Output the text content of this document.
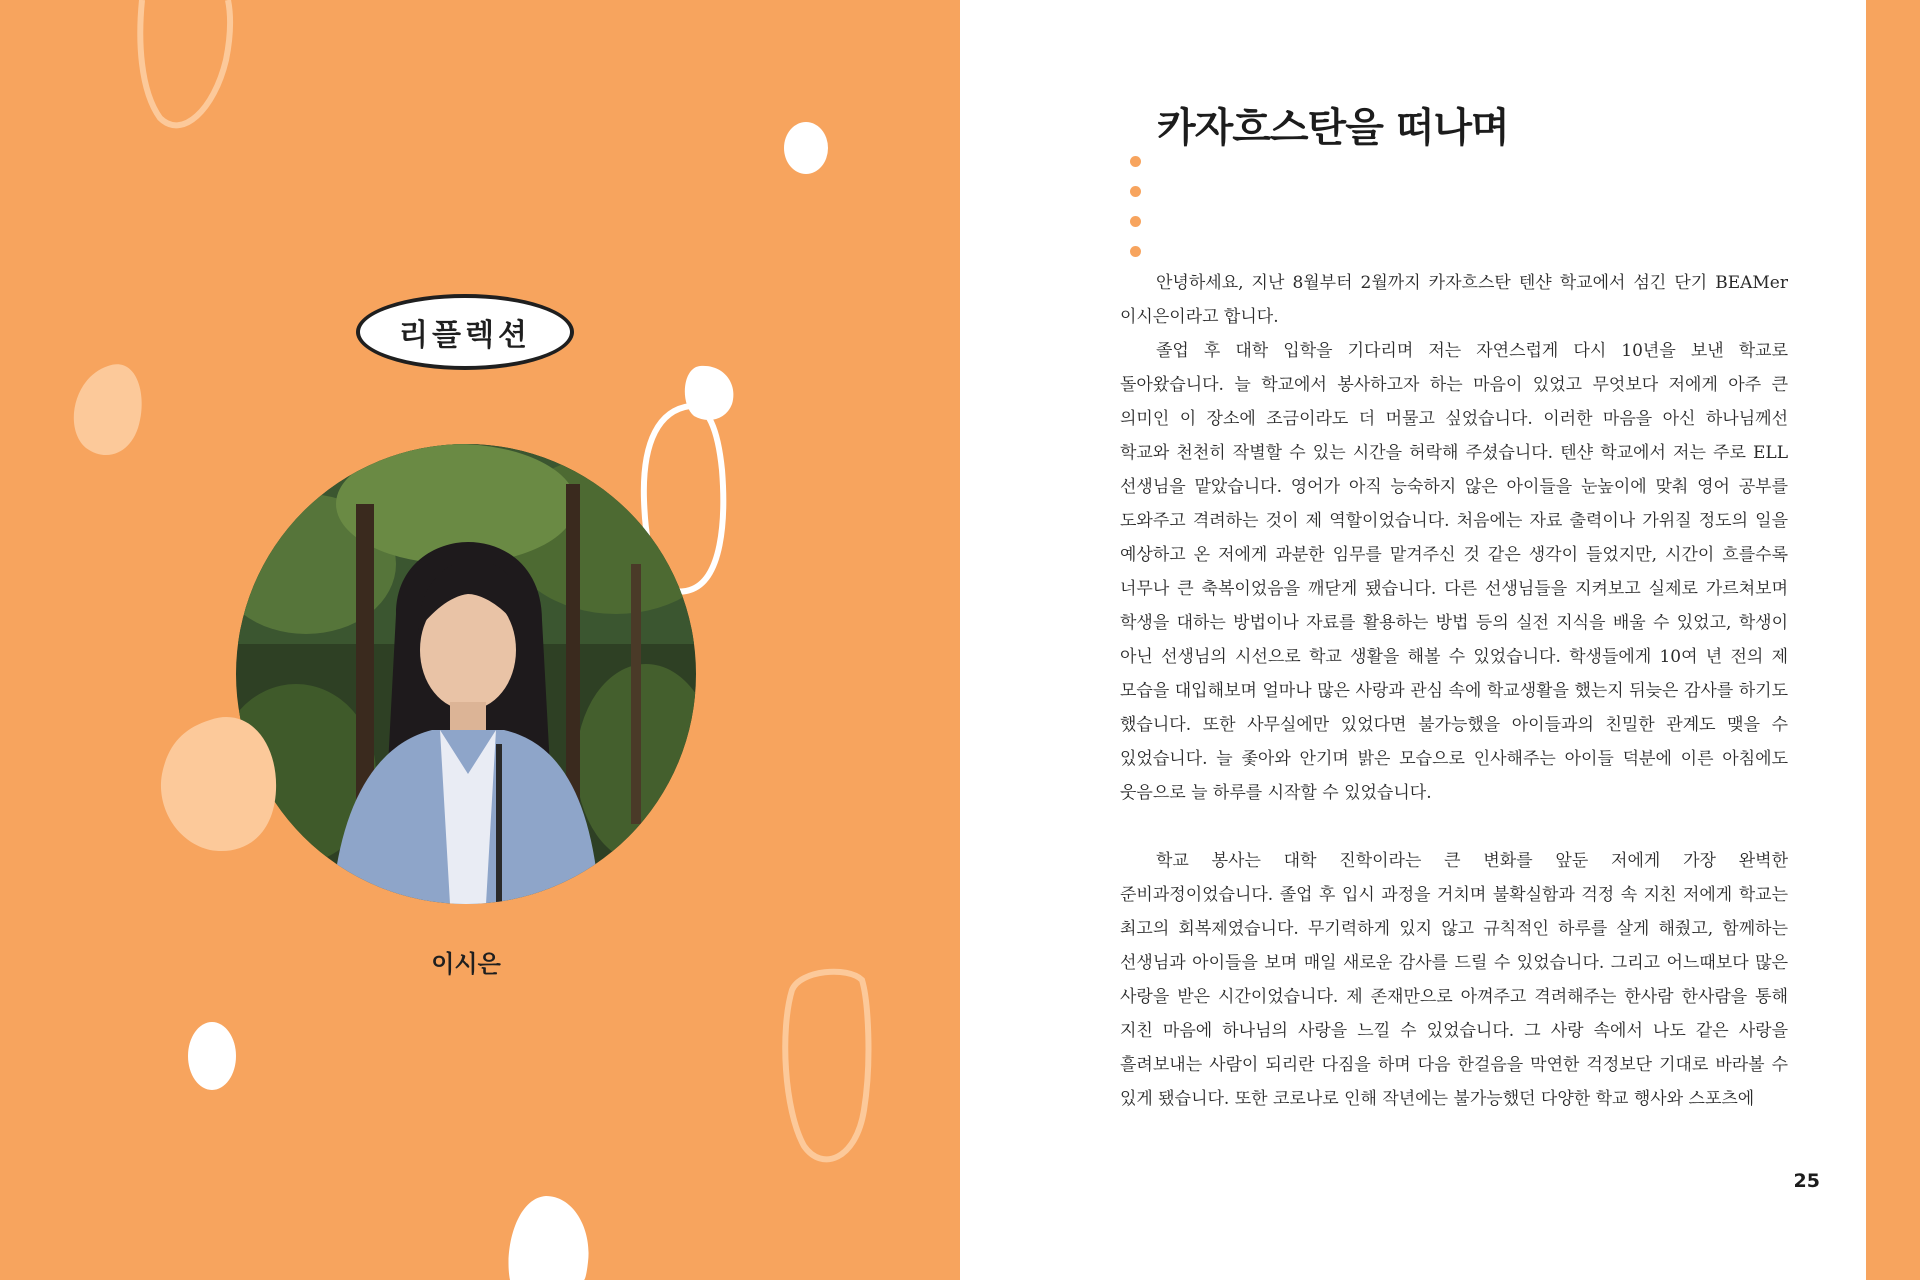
리플렉션
이시은
카자흐스탄을 떠나며

안녕하세요, 지난 8월부터 2월까지 카자흐스탄 텐샨 학교에서 섬긴 단기 BEAMer 이시은이라고 합니다.

졸업 후 대학 입학을 기다리며 저는 자연스럽게 다시 10년을 보낸 학교로 돌아왔습니다. 늘 학교에서 봉사하고자 하는 마음이 있었고 무엇보다 저에게 아주 큰 의미인 이 장소에 조금이라도 더 머물고 싶었습니다. 이러한 마음을 아신 하나님께선 학교와 천천히 작별할 수 있는 시간을 허락해 주셨습니다. 텐샨 학교에서 저는 주로 ELL 선생님을 맡았습니다. 영어가 아직 능숙하지 않은 아이들을 눈높이에 맞춰 영어 공부를 도와주고 격려하는 것이 제 역할이었습니다. 처음에는 자료 출력이나 가위질 정도의 일을 예상하고 온 저에게 과분한 임무를 맡겨주신 것 같은 생각이 들었지만, 시간이 흐를수록 너무나 큰 축복이었음을 깨닫게 됐습니다. 다른 선생님들을 지켜보고 실제로 가르쳐보며 학생을 대하는 방법이나 자료를 활용하는 방법 등의 실전 지식을 배울 수 있었고, 학생이 아닌 선생님의 시선으로 학교 생활을 해볼 수 있었습니다. 학생들에게 10여 년 전의 제 모습을 대입해보며 얼마나 많은 사랑과 관심 속에 학교생활을 했는지 뒤늦은 감사를 하기도 했습니다. 또한 사무실에만 있었다면 불가능했을 아이들과의 친밀한 관계도 맺을 수 있었습니다. 늘 좇아와 안기며 밝은 모습으로 인사해주는 아이들 덕분에 이른 아침에도 웃음으로 늘 하루를 시작할 수 있었습니다.

학교 봉사는 대학 진학이라는 큰 변화를 앞둔 저에게 가장 완벽한 준비과정이었습니다. 졸업 후 입시 과정을 거치며 불확실함과 걱정 속 지친 저에게 학교는 최고의 회복제였습니다. 무기력하게 있지 않고 규칙적인 하루를 살게 해줬고, 함께하는 선생님과 아이들을 보며 매일 새로운 감사를 드릴 수 있었습니다. 그리고 어느때보다 많은 사랑을 받은 시간이었습니다. 제 존재만으로 아껴주고 격려해주는 한사람 한사람을 통해 지친 마음에 하나님의 사랑을 느낄 수 있었습니다. 그 사랑 속에서 나도 같은 사랑을 흘려보내는 사람이 되리란 다짐을 하며 다음 한걸음을 막연한 걱정보단 기대로 바라볼 수 있게 됐습니다. 또한 코로나로 인해 작년에는 불가능했던 다양한 학교 행사와 스포츠에

25
